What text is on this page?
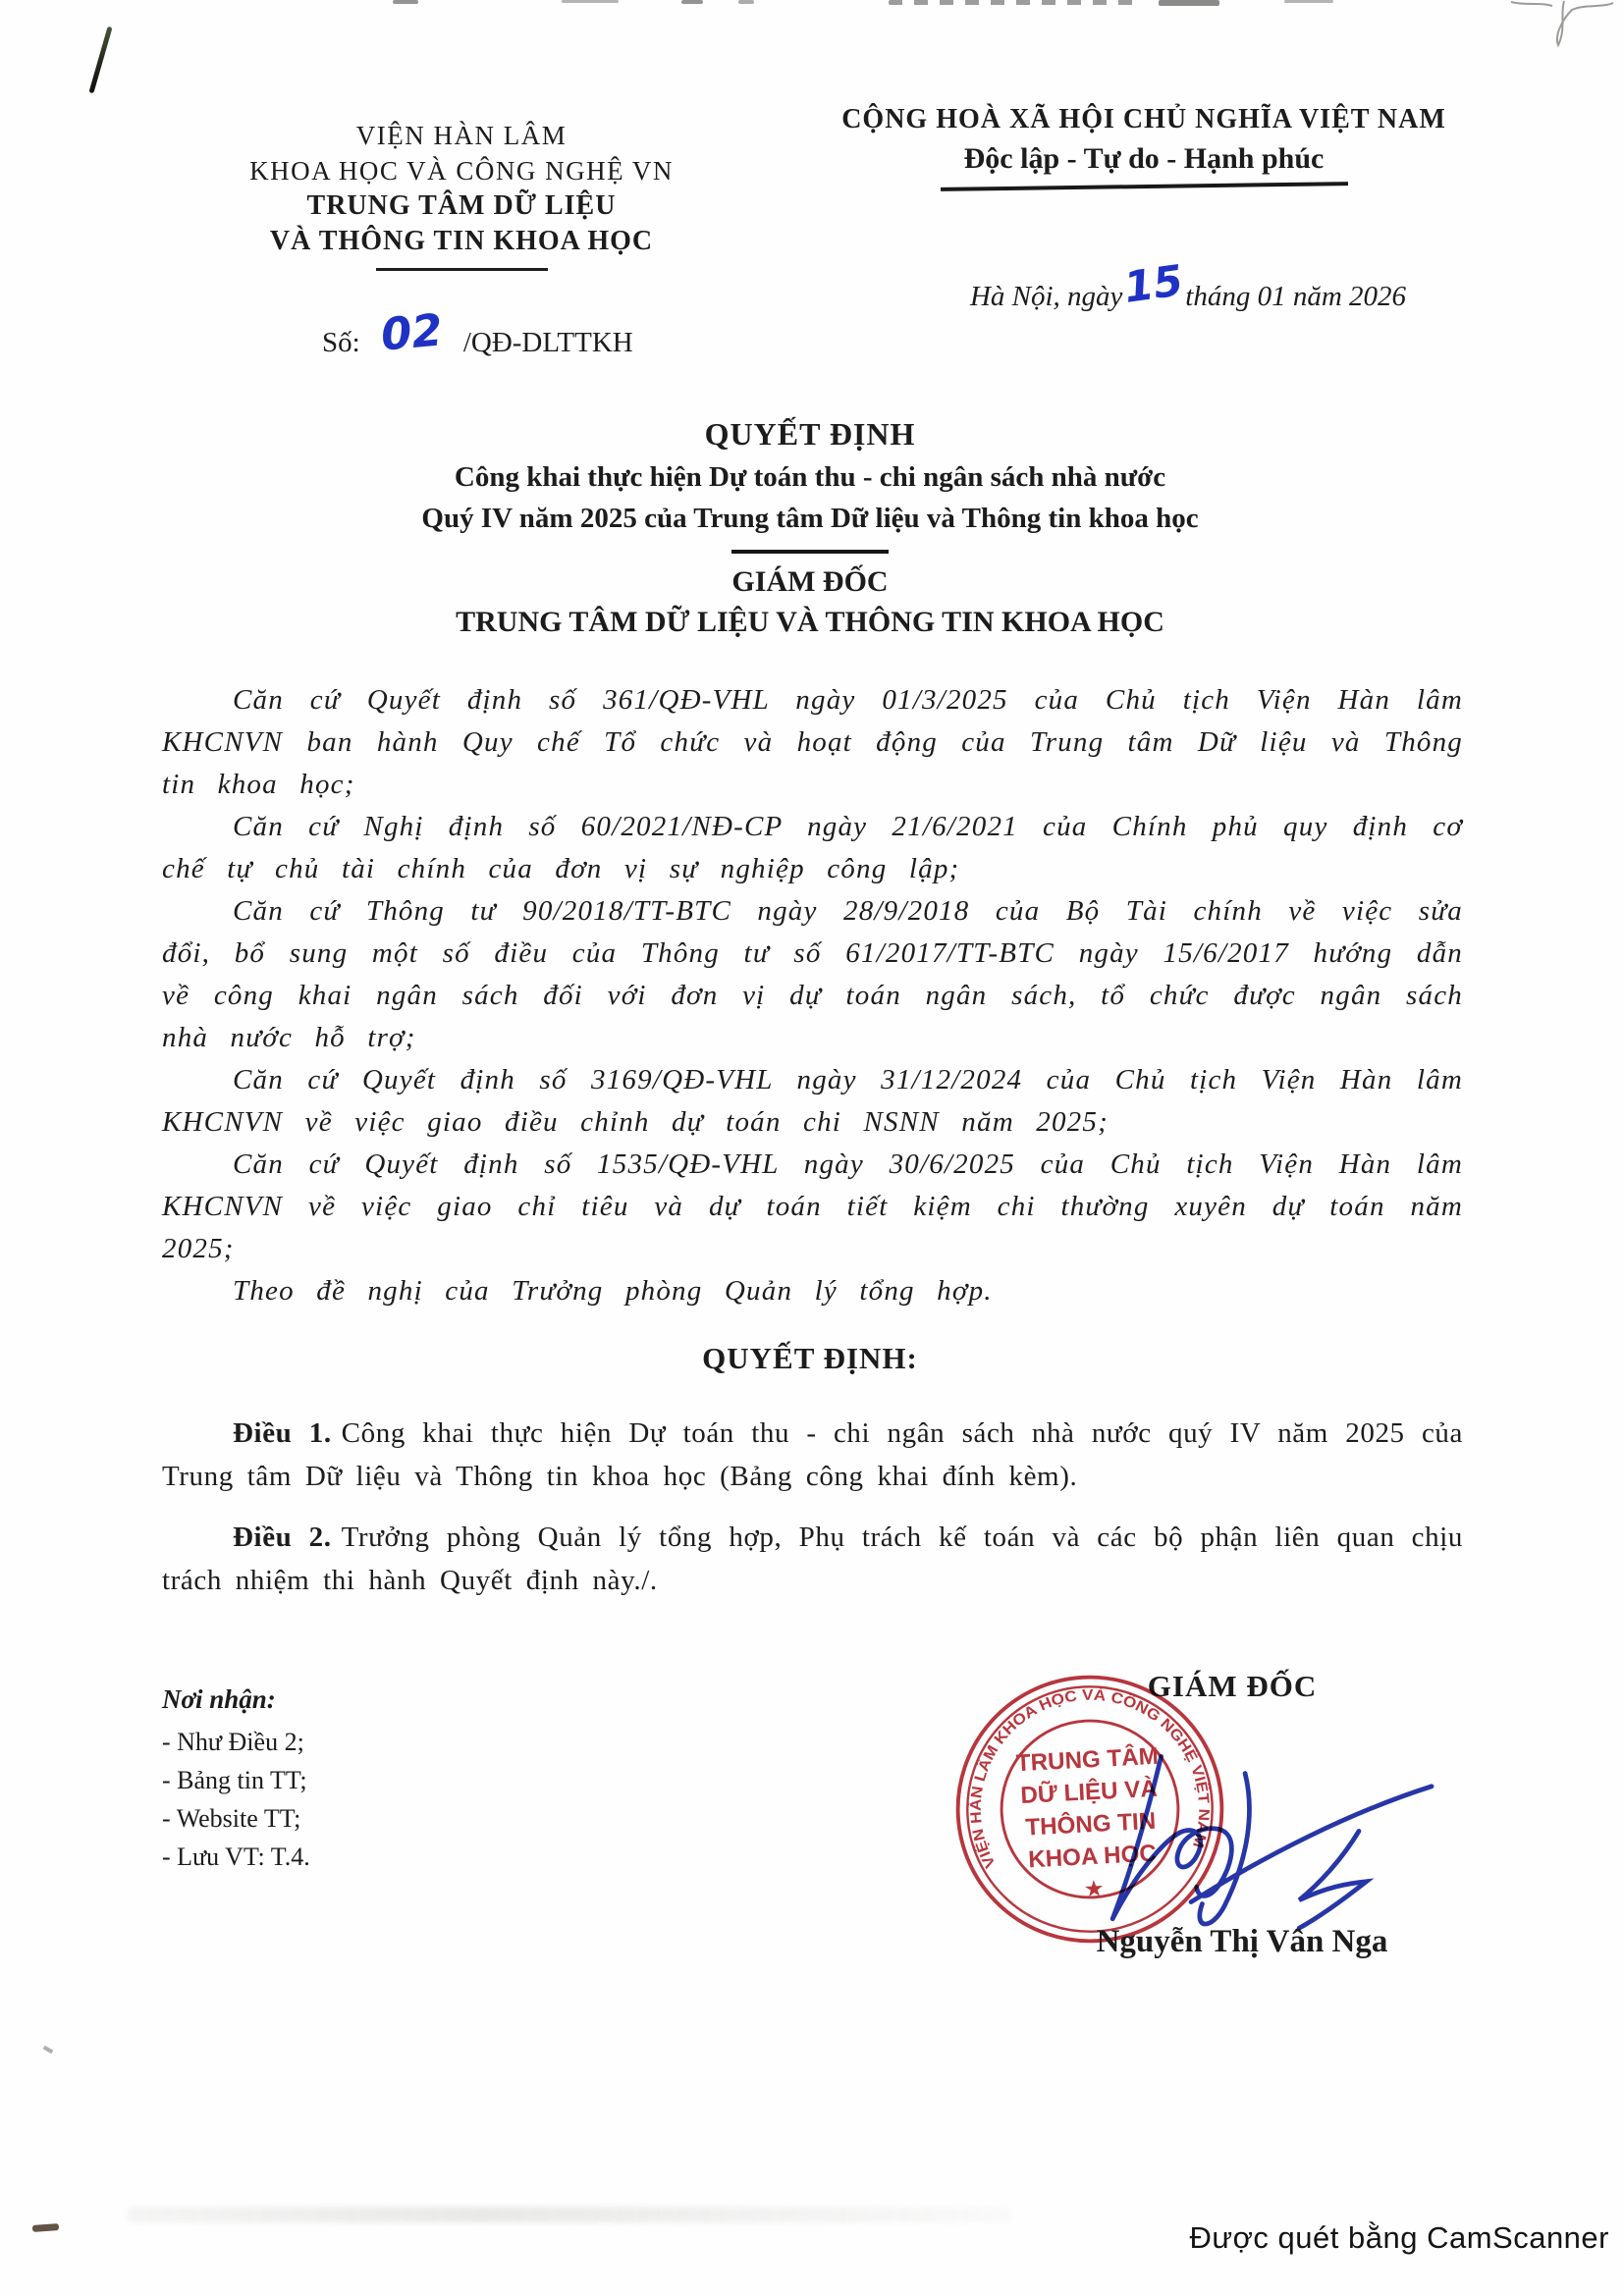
VIỆN HÀN LÂM
KHOA HỌC VÀ CÔNG NGHỆ VN
TRUNG TÂM DỮ LIỆU
VÀ THÔNG TIN KHOA HỌC
Số: 02 /QĐ-DLTTKH
CỘNG HOÀ XÃ HỘI CHỦ NGHĨA VIỆT NAM
Độc lập - Tự do - Hạnh phúc
Hà Nội, ngày15tháng 01 năm 2026
QUYẾT ĐỊNH
Công khai thực hiện Dự toán thu - chi ngân sách nhà nước
Quý IV năm 2025 của Trung tâm Dữ liệu và Thông tin khoa học
GIÁM ĐỐC
TRUNG TÂM DỮ LIỆU VÀ THÔNG TIN KHOA HỌC

Căn cứ Quyết định số 361/QĐ-VHL ngày 01/3/2025 của Chủ tịch Viện Hàn lâm KHCNVN ban hành Quy chế Tổ chức và hoạt động của Trung tâm Dữ liệu và Thông tin khoa học;

Căn cứ Nghị định số 60/2021/NĐ-CP ngày 21/6/2021 của Chính phủ quy định cơ chế tự chủ tài chính của đơn vị sự nghiệp công lập;

Căn cứ Thông tư 90/2018/TT-BTC ngày 28/9/2018 của Bộ Tài chính về việc sửa đổi, bổ sung một số điều của Thông tư số 61/2017/TT-BTC ngày 15/6/2017 hướng dẫn về công khai ngân sách đối với đơn vị dự toán ngân sách, tổ chức được ngân sách nhà nước hỗ trợ;

Căn cứ Quyết định số 3169/QĐ-VHL ngày 31/12/2024 của Chủ tịch Viện Hàn lâm KHCNVN về việc giao điều chỉnh dự toán chi NSNN năm 2025;

Căn cứ Quyết định số 1535/QĐ-VHL ngày 30/6/2025 của Chủ tịch Viện Hàn lâm KHCNVN về việc giao chỉ tiêu và dự toán tiết kiệm chi thường xuyên dự toán năm 2025;

Theo đề nghị của Trưởng phòng Quản lý tổng hợp.

QUYẾT ĐỊNH:

Điều 1. Công khai thực hiện Dự toán thu - chi ngân sách nhà nước quý IV năm 2025 của Trung tâm Dữ liệu và Thông tin khoa học (Bảng công khai đính kèm).

Điều 2. Trưởng phòng Quản lý tổng hợp, Phụ trách kế toán và các bộ phận liên quan chịu trách nhiệm thi hành Quyết định này./.

Nơi nhận:
- Như Điều 2;
- Bảng tin TT;
- Website TT;
- Lưu VT: T.4.
GIÁM ĐỐC
VIỆN HÀN LÂM KHOA HỌC VÀ CÔNG NGHỆ VIỆT NAM
TRUNG TÂM
DỮ LIỆU VÀ
THÔNG TIN
KHOA HỌC
★
Nguyễn Thị Vân Nga
Được quét bằng CamScanner
